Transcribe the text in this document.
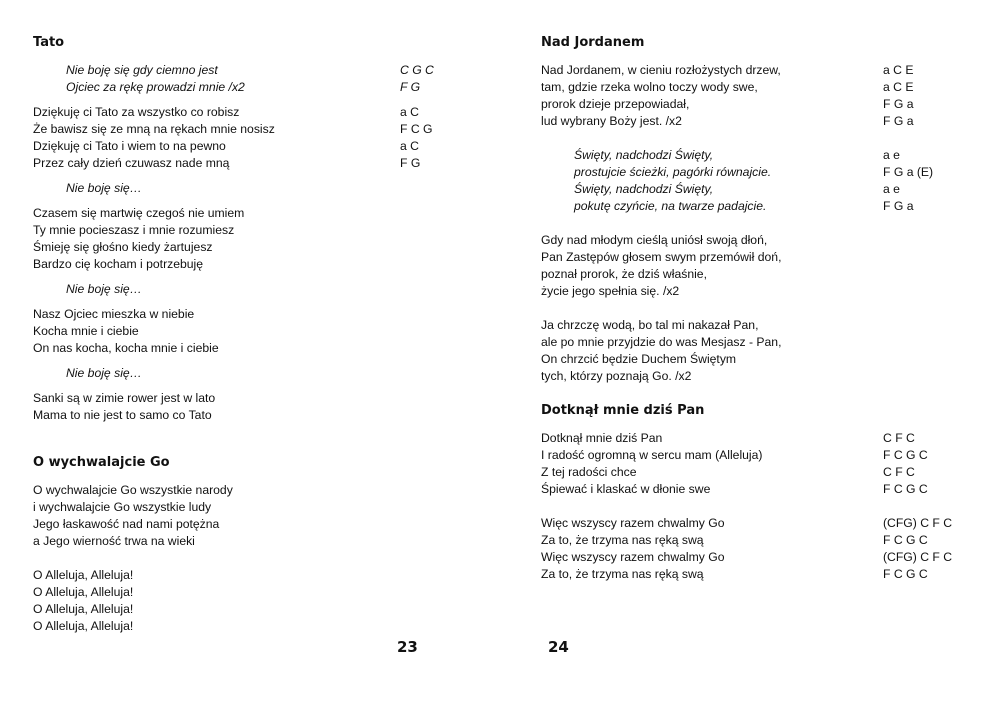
Tato
Nie boję się gdy ciemno jest	C G C
Ojciec za rękę prowadzi mnie /x2	F G
Dziękuję ci Tato za wszystko co robisz	a C
Że bawisz się ze mną na rękach mnie nosisz	F C G
Dziękuję ci Tato i wiem to na pewno	a C
Przez cały dzień czuwasz nade mną	F G
Nie boję się…
Czasem się martwię czegoś nie umiem
Ty mnie pocieszasz i mnie rozumiesz
Śmieję się głośno kiedy żartujesz
Bardzo cię kocham i potrzebuję
Nie boję się…
Nasz Ojciec mieszka w niebie
Kocha mnie i ciebie
On nas kocha, kocha mnie i ciebie
Nie boję się…
Sanki są w zimie rower jest w lato
Mama to nie jest to samo co Tato
O wychwalajcie Go
O wychwalajcie Go wszystkie narody
i wychwalajcie Go wszystkie ludy
Jego łaskawość nad nami potężna
a Jego wierność trwa na wieki
O Alleluja, Alleluja!
O Alleluja, Alleluja!
O Alleluja, Alleluja!
O Alleluja, Alleluja!
Nad Jordanem
Nad Jordanem, w cieniu rozłożystych drzew,	a C E
tam, gdzie rzeka wolno toczy wody swe,	a C E
prorok dzieje przepowiadał,	F G a
lud wybrany Boży jest. /x2	F G a
Święty, nadchodzi Święty,	a e
prostujcie ścieżki, pagórki równajcie.	F G a (E)
Święty, nadchodzi Święty,	a e
pokutę czyńcie, na twarze padajcie.	F G a
Gdy nad młodym cieślą uniósł swoją dłoń,
Pan Zastępów głosem swym przemówił doń,
poznał prorok, że dziś właśnie,
życie jego spełnia się. /x2
Ja chrzczę wodą, bo tal mi nakazał Pan,
ale po mnie przyjdzie do was Mesjasz - Pan,
On chrzcić będzie Duchem Świętym
tych, którzy poznają Go. /x2
Dotknął mnie dziś Pan
Dotknął mnie dziś Pan	C F C
I radość ogromną w sercu mam (Alleluja)	F C G C
Z tej radości chce	C F C
Śpiewać i klaskać w dłonie swe	F C G C
Więc wszyscy razem chwalmy Go	(CFG) C F C
Za to, że trzyma nas ręką swą	F C G C
Więc wszyscy razem chwalmy Go	(CFG) C F C
Za to, że trzyma nas ręką swą	F C G C
23	24
